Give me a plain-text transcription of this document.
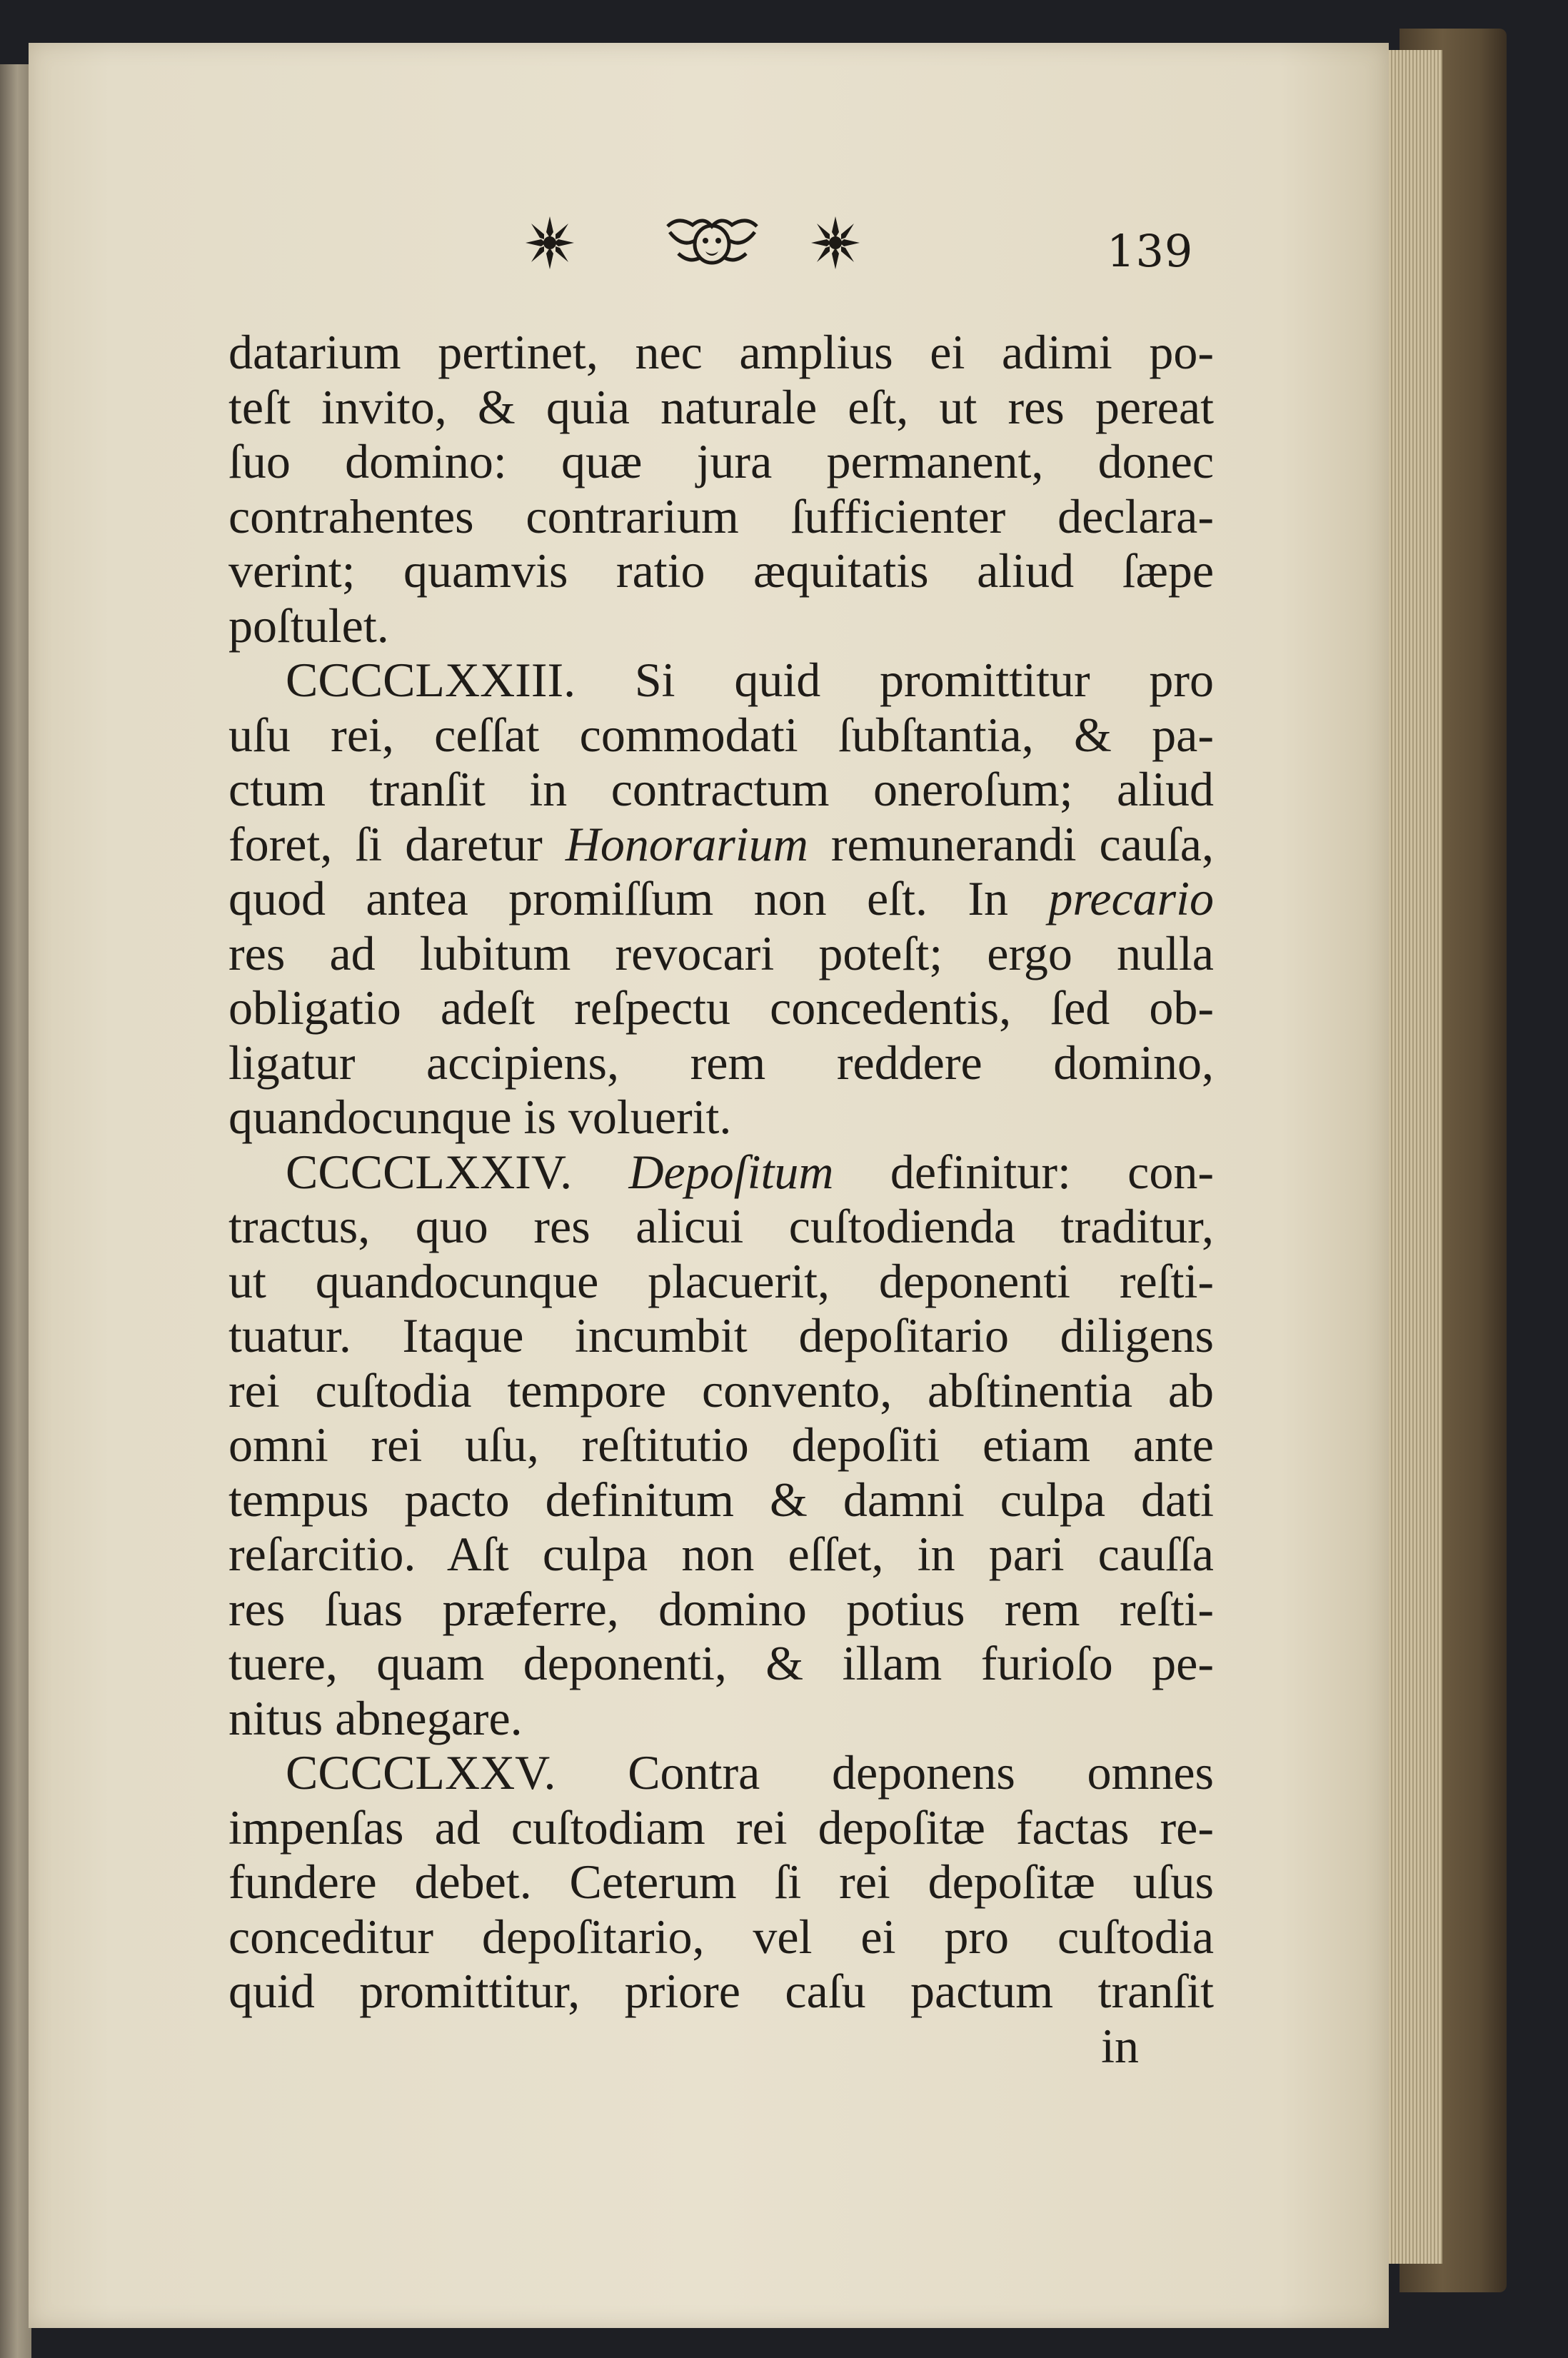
139
datarium pertinet, nec amplius ei adimi po-
teſt invito, & quia naturale eſt, ut res pereat
ſuo domino: quæ jura permanent, donec
contrahentes contrarium ſufficienter declara-
verint; quamvis ratio æquitatis aliud ſæpe
poſtulet.
CCCCLXXIII. Si quid promittitur pro
uſu rei, ceſſat commodati ſubſtantia, & pa-
ctum tranſit in contractum oneroſum; aliud
foret, ſi daretur Honorarium remunerandi cauſa,
quod antea promiſſum non eſt. In precario
res ad lubitum revocari poteſt; ergo nulla
obligatio adeſt reſpectu concedentis, ſed ob-
ligatur accipiens, rem reddere domino,
quandocunque is voluerit.
CCCCLXXIV. Depoſitum definitur: con-
tractus, quo res alicui cuſtodienda traditur,
ut quandocunque placuerit, deponenti reſti-
tuatur. Itaque incumbit depoſitario diligens
rei cuſtodia tempore convento, abſtinentia ab
omni rei uſu, reſtitutio depoſiti etiam ante
tempus pacto definitum & damni culpa dati
reſarcitio. Aſt culpa non eſſet, in pari cauſſa
res ſuas præferre, domino potius rem reſti-
tuere, quam deponenti, & illam furioſo pe-
nitus abnegare.
CCCCLXXV. Contra deponens omnes
impenſas ad cuſtodiam rei depoſitæ factas re-
fundere debet. Ceterum ſi rei depoſitæ uſus
conceditur depoſitario, vel ei pro cuſtodia
quid promittitur, priore caſu pactum tranſit
in
